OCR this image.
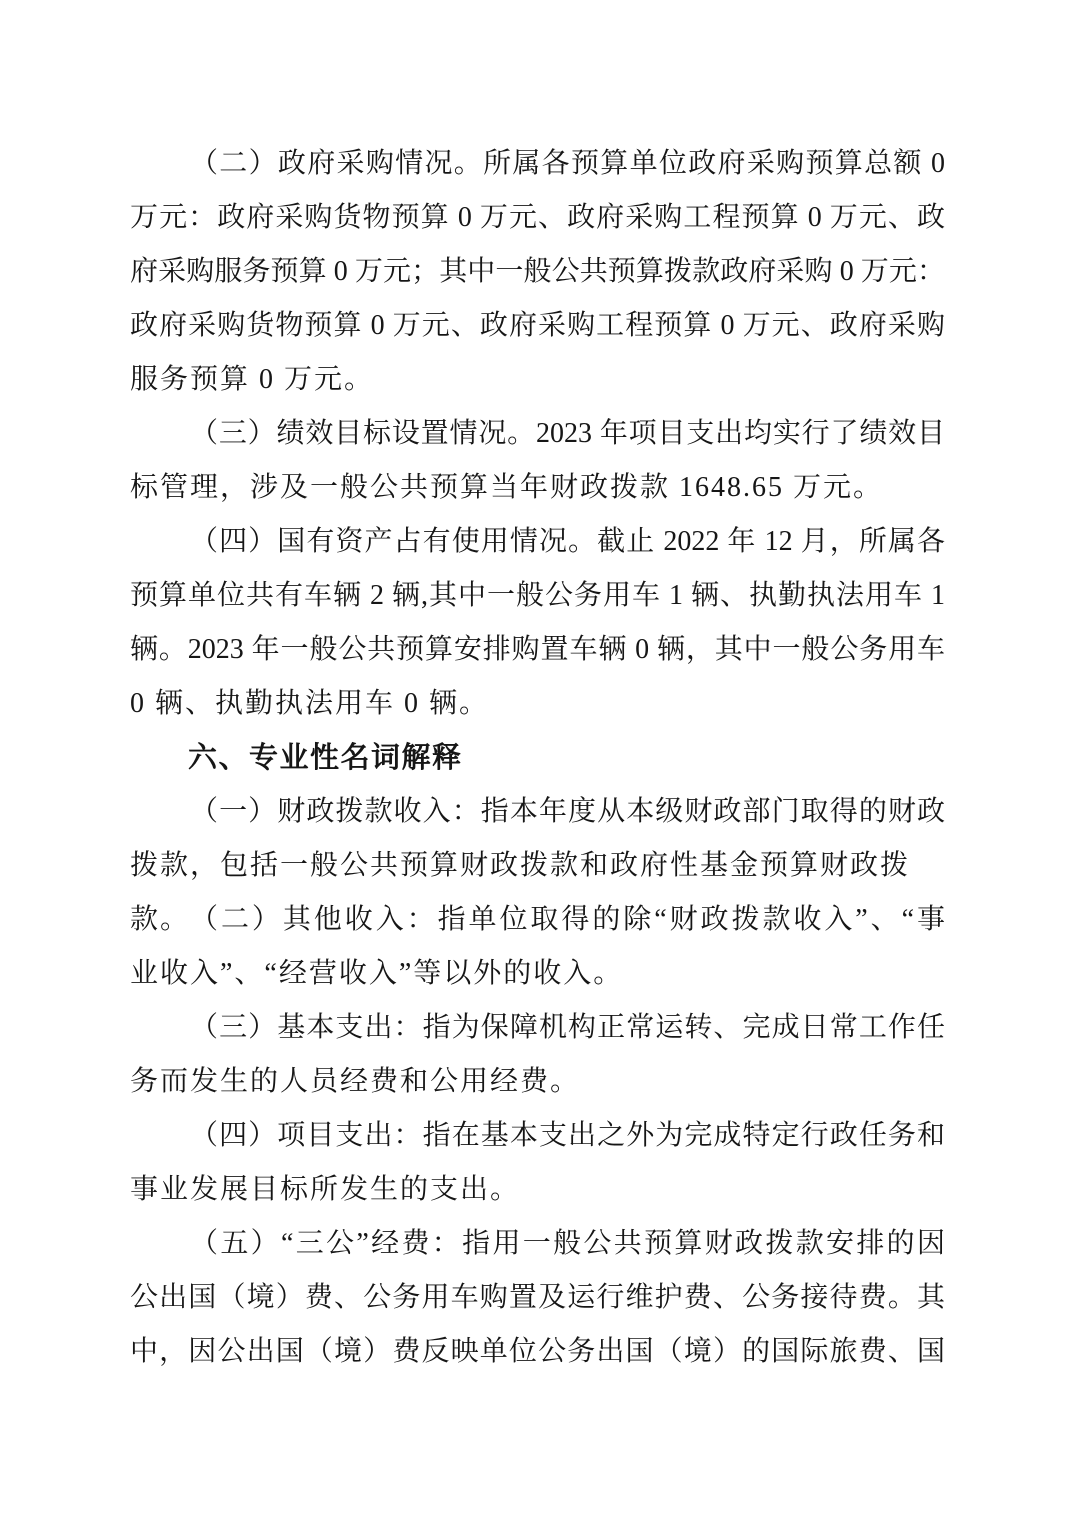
（二）政府采购情况。所属各预算单位政府采购预算总额 0

万元：政府采购货物预算 0 万元、政府采购工程预算 0 万元、政

府采购服务预算 0 万元；其中一般公共预算拨款政府采购 0 万元：

政府采购货物预算 0 万元、政府采购工程预算 0 万元、政府采购

服务预算 0 万元。

（三）绩效目标设置情况。2023 年项目支出均实行了绩效目

标管理，涉及一般公共预算当年财政拨款 1648.65 万元。

（四）国有资产占有使用情况。截止 2022 年 12 月，所属各

预算单位共有车辆 2 辆,其中一般公务用车 1 辆、执勤执法用车 1

辆。2023 年一般公共预算安排购置车辆 0 辆，其中一般公务用车

0 辆、执勤执法用车 0 辆。

六、专业性名词解释

（一）财政拨款收入：指本年度从本级财政部门取得的财政

拨款，包括一般公共预算财政拨款和政府性基金预算财政拨款。 （二）其他收入：指单位取得的除“财政拨款收入”、“事

业收入”、“经营收入”等以外的收入。

（三）基本支出：指为保障机构正常运转、完成日常工作任

务而发生的人员经费和公用经费。

（四）项目支出：指在基本支出之外为完成特定行政任务和

事业发展目标所发生的支出。

（五）“三公”经费：指用一般公共预算财政拨款安排的因

公出国（境）费、公务用车购置及运行维护费、公务接待费。其

中，因公出国（境）费反映单位公务出国（境）的国际旅费、国
